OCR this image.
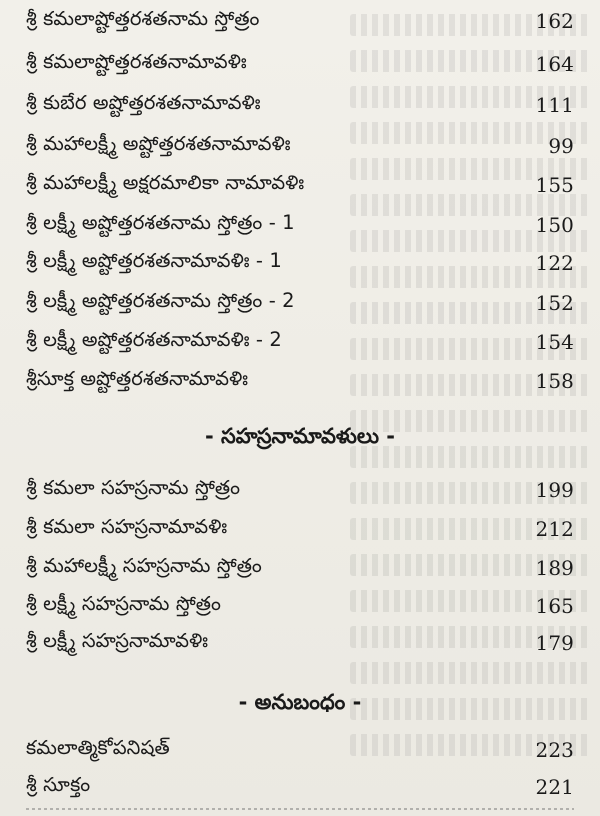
శ్రీ కమలాష్టోత్తరశతనామ స్తోత్రం	162
శ్రీ కమలాష్టోత్తరశతనామావళిః	164
శ్రీ కుబేర అష్టోత్తరశతనామావళిః	111
శ్రీ మహాలక్ష్మీ అష్టోత్తరశతనామావళిః	99
శ్రీ మహాలక్ష్మీ అక్షరమాలికా నామావళిః	155
శ్రీ లక్ష్మీ అష్టోత్తరశతనామ స్తోత్రం - 1	150
శ్రీ లక్ష్మీ అష్టోత్తరశతనామావళిః - 1	122
శ్రీ లక్ష్మీ అష్టోత్తరశతనామ స్తోత్రం - 2	152
శ్రీ లక్ష్మీ అష్టోత్తరశతనామావళిః - 2	154
శ్రీసూక్త అష్టోత్తరశతనామావళిః	158
- సహస్రనామావళులు -
శ్రీ కమలా సహస్రనామ స్తోత్రం	199
శ్రీ కమలా సహస్రనామావళిః	212
శ్రీ మహాలక్ష్మీ సహస్రనామ స్తోత్రం	189
శ్రీ లక్ష్మీ సహస్రనామ స్తోత్రం	165
శ్రీ లక్ష్మీ సహస్రనామావళిః	179
- అనుబంధం -
కమలాత్మికోపనిషత్	223
శ్రీ సూక్తం	221
